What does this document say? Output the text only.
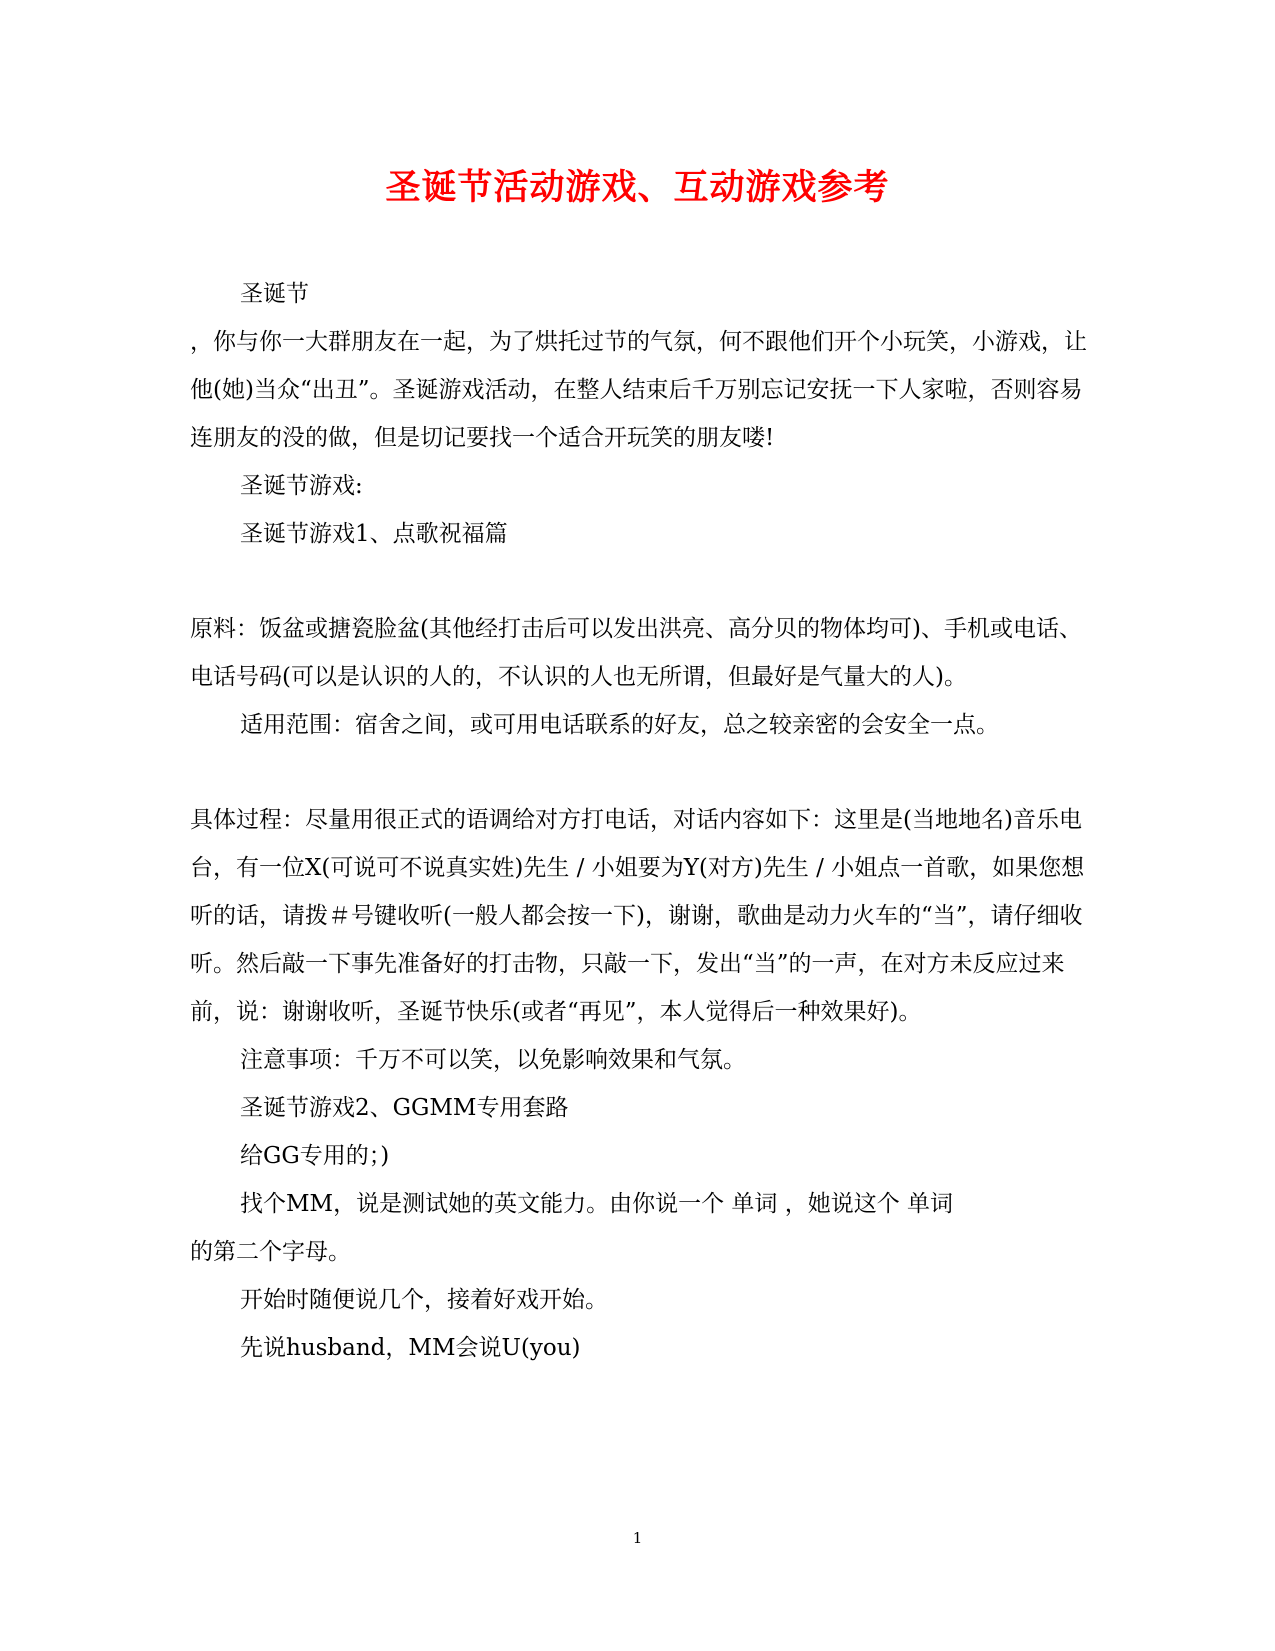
圣诞节活动游戏、互动游戏参考

圣诞节

，你与你一大群朋友在一起，为了烘托过节的气氛，何不跟他们开个小玩笑，小游戏，让他(她)当众“出丑”。圣诞游戏活动，在整人结束后千万别忘记安抚一下人家啦，否则容易连朋友的没的做，但是切记要找一个适合开玩笑的朋友喽!

圣诞节游戏:

圣诞节游戏1、点歌祝福篇

原料：饭盆或搪瓷脸盆(其他经打击后可以发出洪亮、高分贝的物体均可)、手机或电话、电话号码(可以是认识的人的，不认识的人也无所谓，但最好是气量大的人)。

适用范围：宿舍之间，或可用电话联系的好友，总之较亲密的会安全一点。

具体过程：尽量用很正式的语调给对方打电话，对话内容如下：这里是(当地地名)音乐电台，有一位X(可说可不说真实姓)先生 / 小姐要为Y(对方)先生 / 小姐点一首歌，如果您想听的话，请拨＃号键收听(一般人都会按一下)，谢谢，歌曲是动力火车的“当”，请仔细收听。然后敲一下事先准备好的打击物，只敲一下，发出“当”的一声，在对方未反应过来前，说：谢谢收听，圣诞节快乐(或者“再见”，本人觉得后一种效果好)。

注意事项：千万不可以笑，以免影响效果和气氛。

圣诞节游戏2、GGMM专用套路

给GG专用的；)

找个MM，说是测试她的英文能力。由你说一个 单词 ，她说这个 单词

的第二个字母。

开始时随便说几个，接着好戏开始。

先说husband，MM会说U(you)

1
